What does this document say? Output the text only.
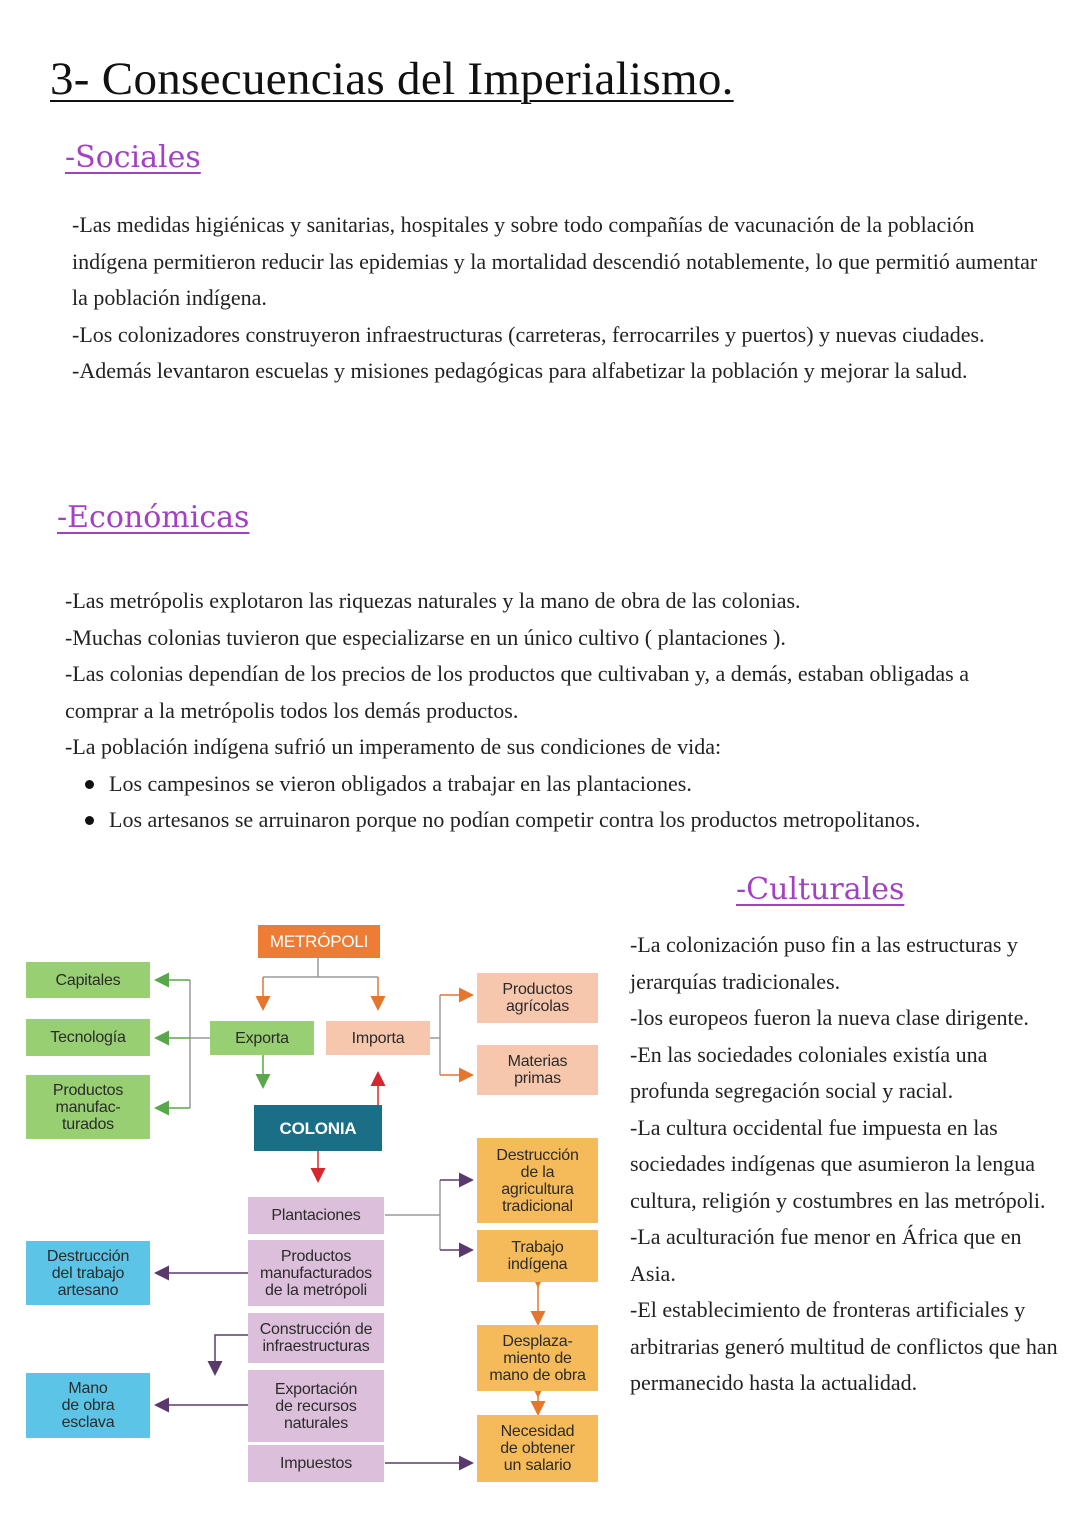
3- Consecuencias del Imperialismo.
-Sociales

-Las medidas higiénicas y sanitarias, hospitales y sobre todo compañías de vacunación de la población indígena permitieron reducir las epidemias y la mortalidad descendió notablemente, lo que permitió aumentar la población indígena.

-Los colonizadores construyeron infraestructuras (carreteras, ferrocarriles y puertos) y nuevas ciudades.

-Además levantaron escuelas y misiones pedagógicas para alfabetizar la población y mejorar la salud.

-Económicas

-Las metrópolis explotaron las riquezas naturales y la mano de obra de las colonias.

-Muchas colonias tuvieron que especializarse en un único cultivo ( plantaciones ).

-Las colonias dependían de los precios de los productos que cultivaban y, a demás, estaban obligadas a comprar a la metrópolis todos los demás productos.

-La población indígena sufrió un imperamento de sus condiciones de vida:

Los campesinos se vieron obligados a trabajar en las plantaciones.
Los artesanos se arruinaron porque no podían competir contra los productos metropolitanos.
-Culturales

-La colonización puso fin a las estructuras y jerarquías tradicionales.

-los europeos fueron la nueva clase dirigente.

-En las sociedades coloniales existía una profunda segregación social y racial.

-La cultura occidental fue impuesta en las sociedades indígenas que asumieron la lengua cultura, religión y costumbres en las metrópoli.

-La aculturación fue menor en África que en Asia.

-El establecimiento de fronteras artificiales y arbitrarias generó multitud de conflictos que han permanecido hasta la actualidad.

METRÓPOLI
Exporta	Importa
Capitales
Tecnología
Productos
manufac-
turados
Productos
agrícolas
Materias
primas
COLONIA
Plantaciones
Productos
manufacturados
de la metrópoli
Construcción de
infraestructuras
Exportación
de recursos
naturales
Impuestos
Destrucción
de la
agricultura
tradicional
Trabajo
indígena
Desplaza-
miento de
mano de obra
Necesidad
de obtener
un salario
Destrucción
del trabajo
artesano
Mano
de obra
esclava
